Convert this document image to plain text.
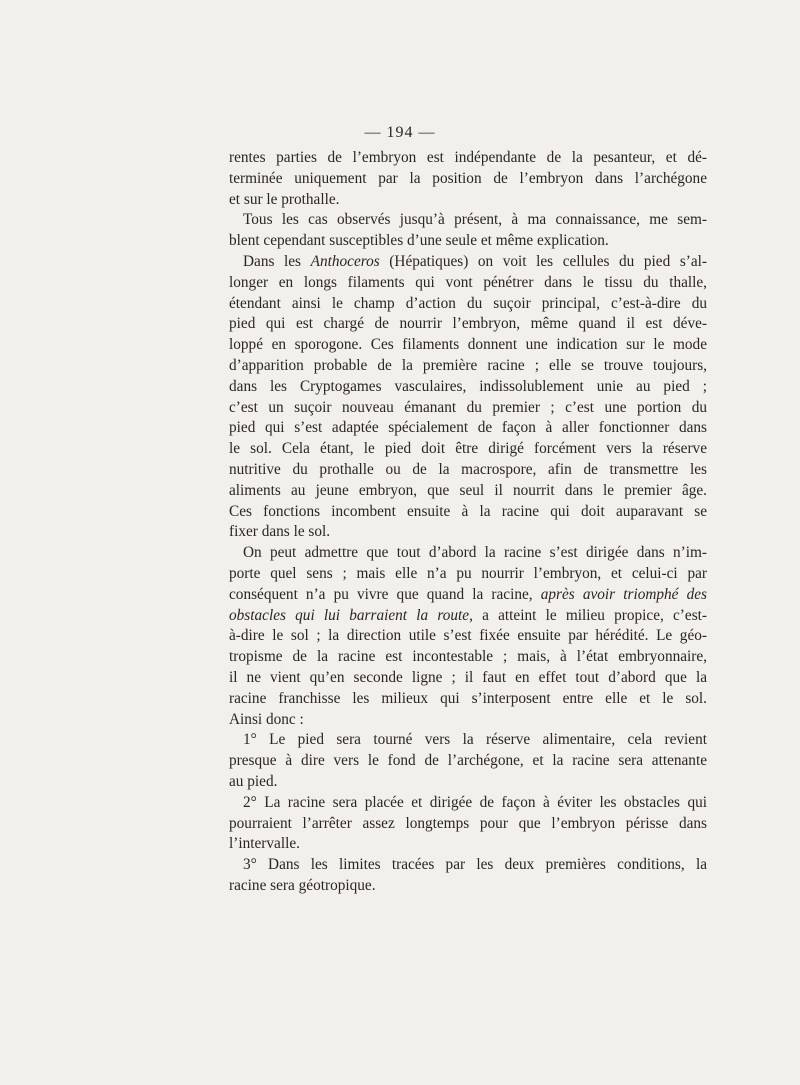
— 194 —

rentes parties de l’embryon est indépendante de la pesanteur, et dé-
terminée uniquement par la position de l’embryon dans l’archégone
et sur le prothalle.

Tous les cas observés jusqu’à présent, à ma connaissance, me sem-
blent cependant susceptibles d’une seule et même explication.

Dans les Anthoceros (Hépatiques) on voit les cellules du pied s’al-
longer en longs filaments qui vont pénétrer dans le tissu du thalle,
étendant ainsi le champ d’action du suçoir principal, c’est-à-dire du
pied qui est chargé de nourrir l’embryon, même quand il est déve-
loppé en sporogone. Ces filaments donnent une indication sur le mode
d’apparition probable de la première racine ; elle se trouve toujours,
dans les Cryptogames vasculaires, indissolublement unie au pied ;
c’est un suçoir nouveau émanant du premier ; c’est une portion du
pied qui s’est adaptée spécialement de façon à aller fonctionner dans
le sol. Cela étant, le pied doit être dirigé forcément vers la réserve
nutritive du prothalle ou de la macrospore, afin de transmettre les
aliments au jeune embryon, que seul il nourrit dans le premier âge.
Ces fonctions incombent ensuite à la racine qui doit auparavant se
fixer dans le sol.

On peut admettre que tout d’abord la racine s’est dirigée dans n’im-
porte quel sens ; mais elle n’a pu nourrir l’embryon, et celui-ci par
conséquent n’a pu vivre que quand la racine, après avoir triomphé des
obstacles qui lui barraient la route, a atteint le milieu propice, c’est-
à-dire le sol ; la direction utile s’est fixée ensuite par hérédité. Le géo-
tropisme de la racine est incontestable ; mais, à l’état embryonnaire,
il ne vient qu’en seconde ligne ; il faut en effet tout d’abord que la
racine franchisse les milieux qui s’interposent entre elle et le sol.
Ainsi donc :

1° Le pied sera tourné vers la réserve alimentaire, cela revient
presque à dire vers le fond de l’archégone, et la racine sera attenante
au pied.

2° La racine sera placée et dirigée de façon à éviter les obstacles qui
pourraient l’arrêter assez longtemps pour que l’embryon périsse dans
l’intervalle.

3° Dans les limites tracées par les deux premières conditions, la
racine sera géotropique.
